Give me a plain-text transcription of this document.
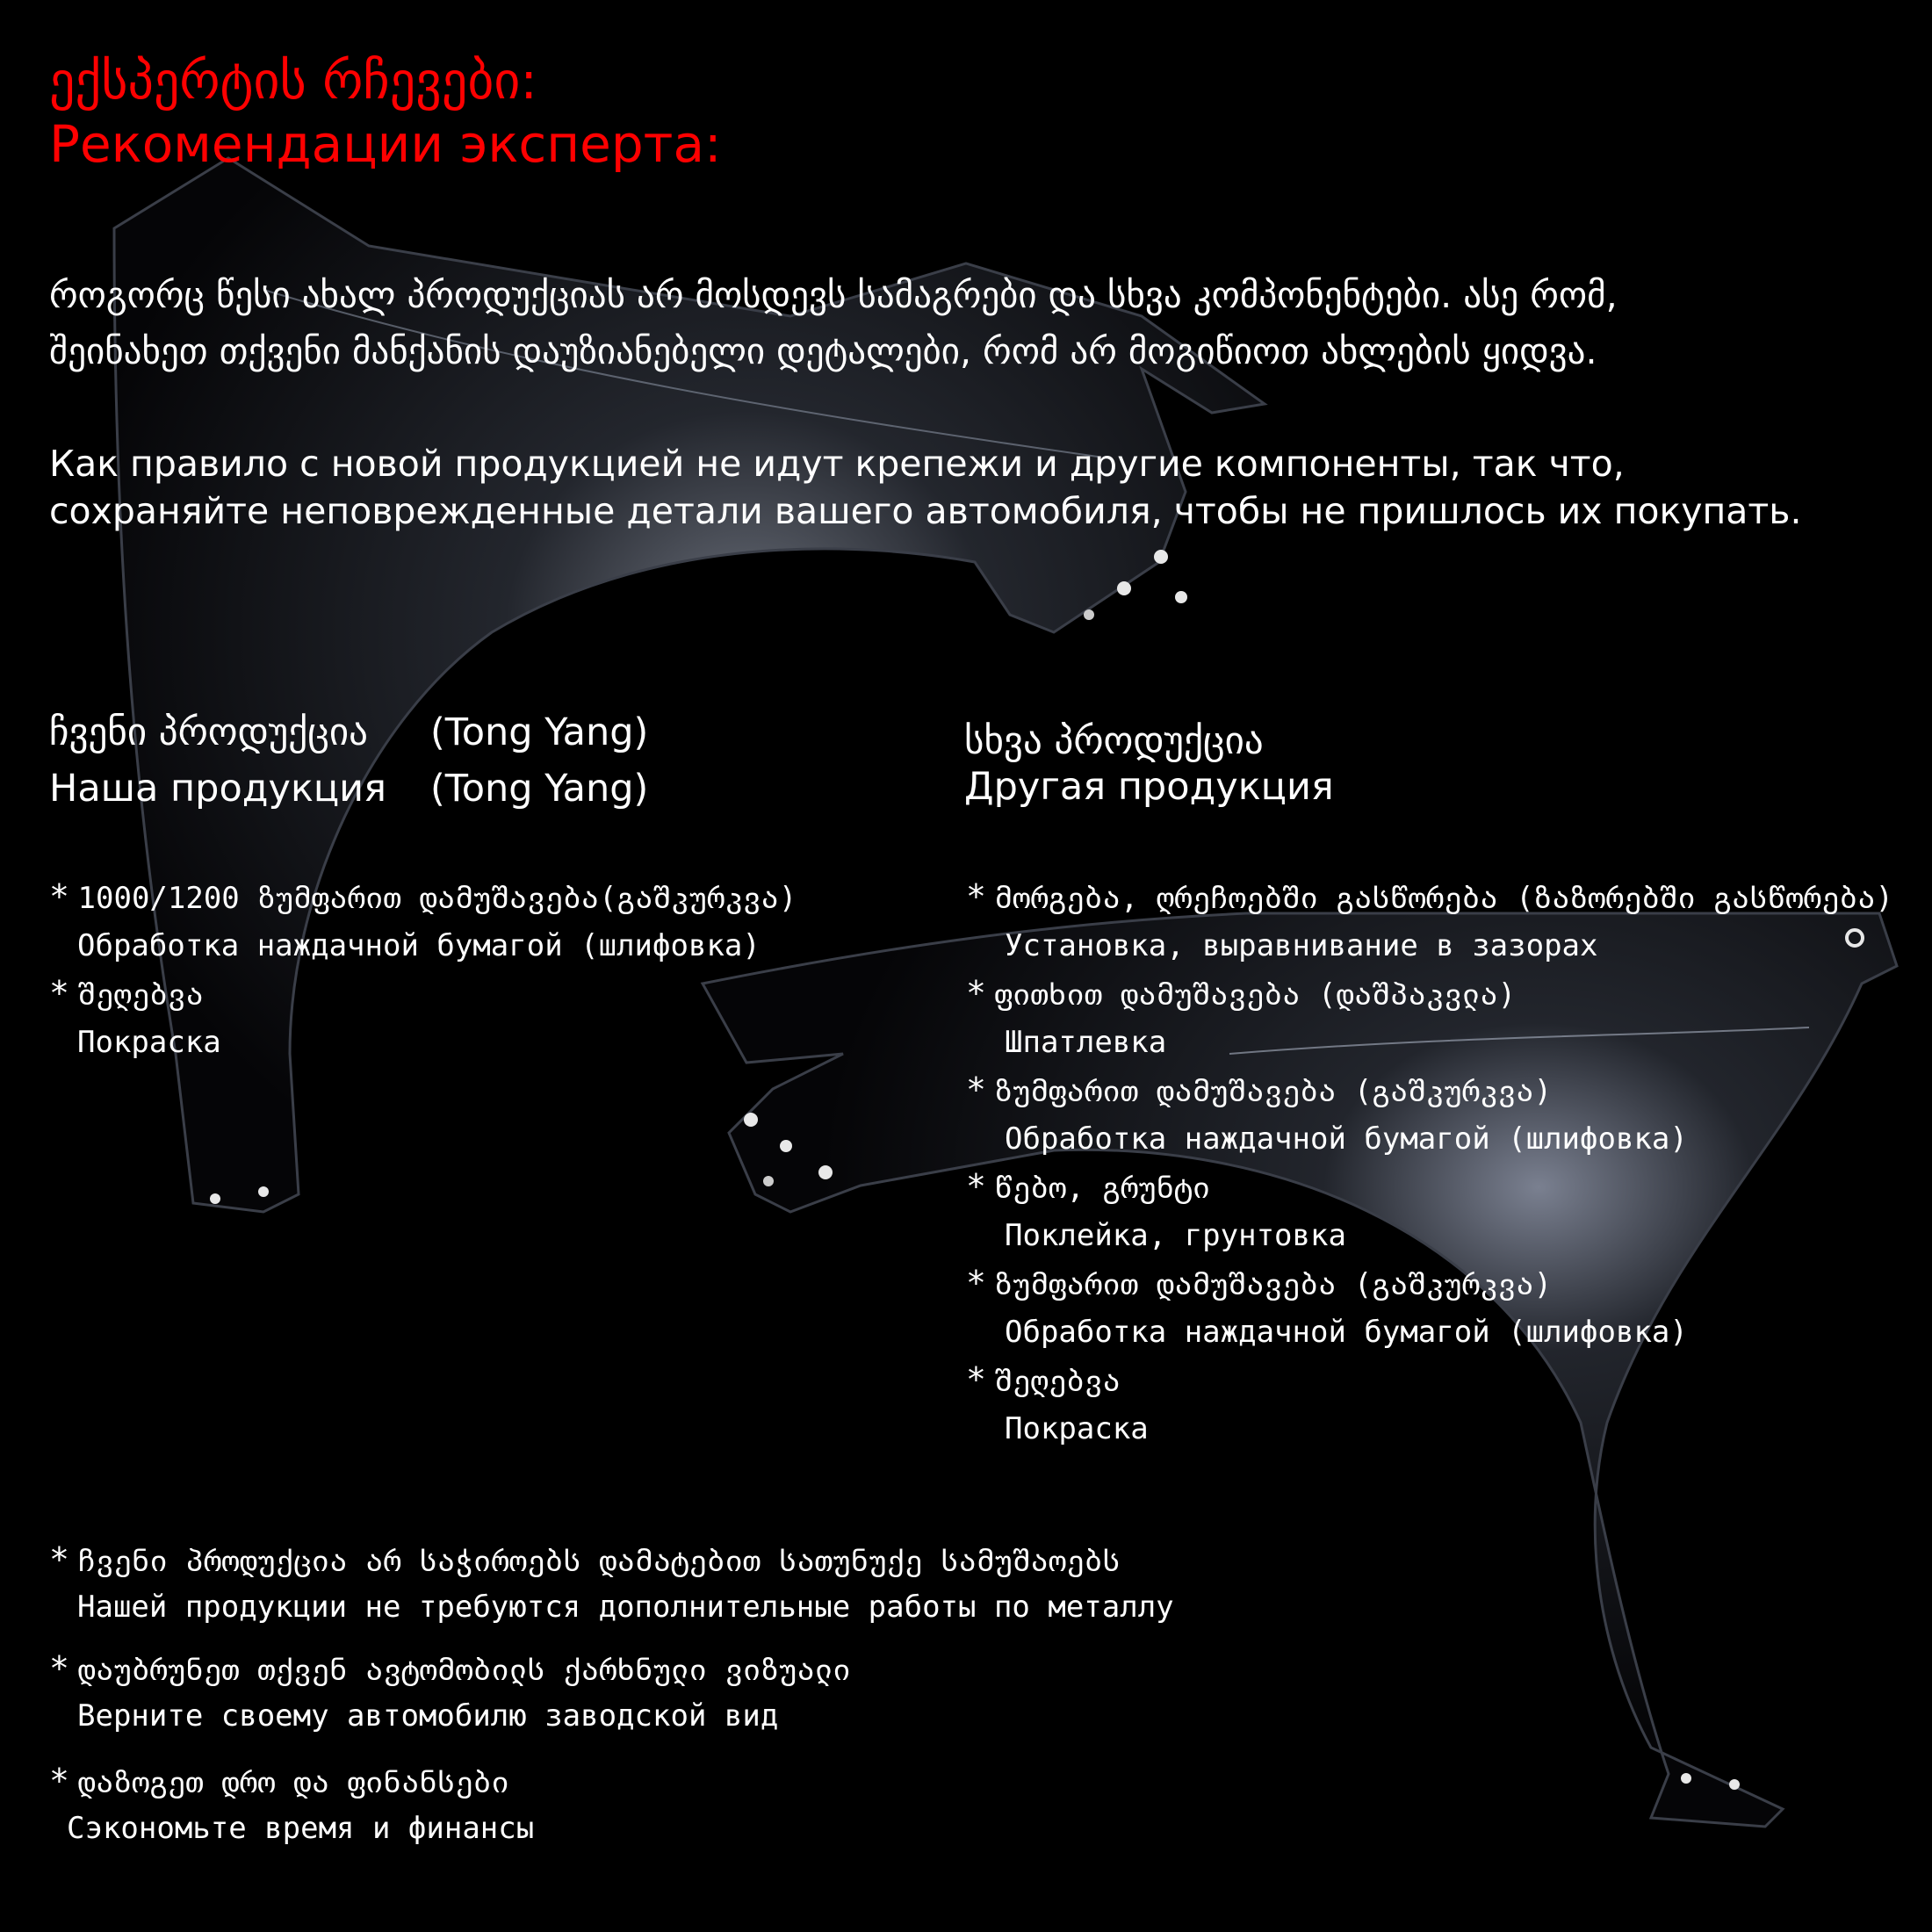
ექსპერტის რჩევები:
Рекомендации эксперта:
როგორც წესი ახალ პროდუქციას არ მოსდევს სამაგრები და სხვა კომპონენტები. ასე რომ,
შეინახეთ თქვენი მანქანის დაუზიანებელი დეტალები, რომ არ მოგიწიოთ ახლების ყიდვა.
Как правило с новой продукцией не идут крепежи и другие компоненты, так что,
сохраняйте неповрежденные детали вашего автомобиля, чтобы не пришлось их покупать.
ჩვენი პროდუქცია (Tong Yang)
Наша продукция (Tong Yang)
სხვა პროდუქცია
Другая продукция
* 1000/1200 ზუმფარით დამუშავება(გაშკურკვა)
Обработка наждачной бумагой (шлифовка)
* შეღებვა
Покраска
* მორგება, ღრეჩოებში გასწორება (ზაზორებში გასწორება)
Установка, выравнивание в зазорах
* ფითხით დამუშავება (დაშპაკვლა)
Шпатлевка
* ზუმფარით დამუშავება (გაშკურკვა)
Обработка наждачной бумагой (шлифовка)
* წებო, გრუნტი
Поклейка, грунтовка
* ზუმფარით დამუშავება (გაშკურკვა)
Обработка наждачной бумагой (шлифовка)
* შეღებვა
Покраска
* ჩვენი პროდუქცია არ საჭიროებს დამატებით სათუნუქე სამუშაოებს

Нашей продукции не требуются дополнительные работы по металлу
* დაუბრუნეთ თქვენ ავტომობილს ქარხნული ვიზუალი

Верните своему автомобилю заводской вид
* დაზოგეთ დრო და ფინანსები

Сэкономьте время и финансы
